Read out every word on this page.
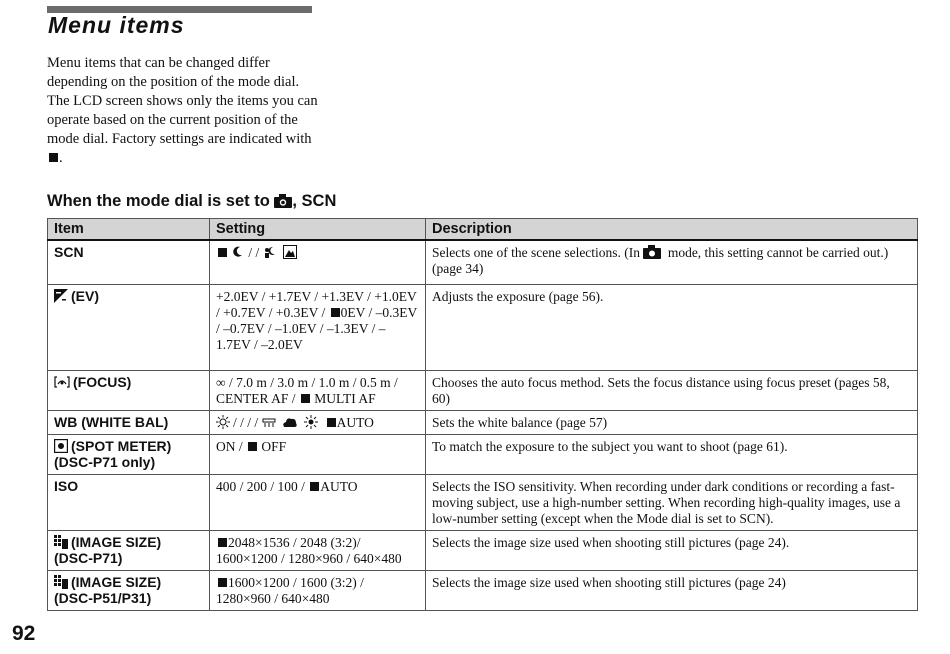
Menu items
Menu items that can be changed differ depending on the position of the mode dial. The LCD screen shows only the items you can operate based on the current position of the mode dial. Factory settings are indicated with .
When the mode dial is set to , SCN
Item	Setting	Description
SCN	/ /	Selects one of the scene selections. (In mode, this setting cannot be carried out.) (page 34)
(EV)	+2.0EV / +1.7EV / +1.3EV / +1.0EV / +0.7EV / +0.3EV / 0EV / –0.3EV / –0.7EV / –1.0EV / –1.3EV / –1.7EV / –2.0EV	Adjusts the exposure (page 56).
(FOCUS)	∞ / 7.0 m / 3.0 m / 1.0 m / 0.5 m / CENTER AF / MULTI AF	Chooses the auto focus method. Sets the focus distance using focus preset (pages 58, 60)
WB (WHITE BAL)	/ / / / AUTO	Sets the white balance (page 57)
(SPOT METER)
(DSC-P71 only)	ON / OFF	To match the exposure to the subject you want to shoot (page 61).
ISO	400 / 200 / 100 / AUTO	Selects the ISO sensitivity. When recording under dark conditions or recording a fast-moving subject, use a high-number setting. When recording high-quality images, use a low-number setting (except when the Mode dial is set to SCN).
(IMAGE SIZE)
(DSC-P71)	2048×1536 / 2048 (3:2)/ 1600×1200 / 1280×960 / 640×480	Selects the image size used when shooting still pictures (page 24).
(IMAGE SIZE)
(DSC-P51/P31)	1600×1200 / 1600 (3:2) / 1280×960 / 640×480	Selects the image size used when shooting still pictures (page 24)
92
